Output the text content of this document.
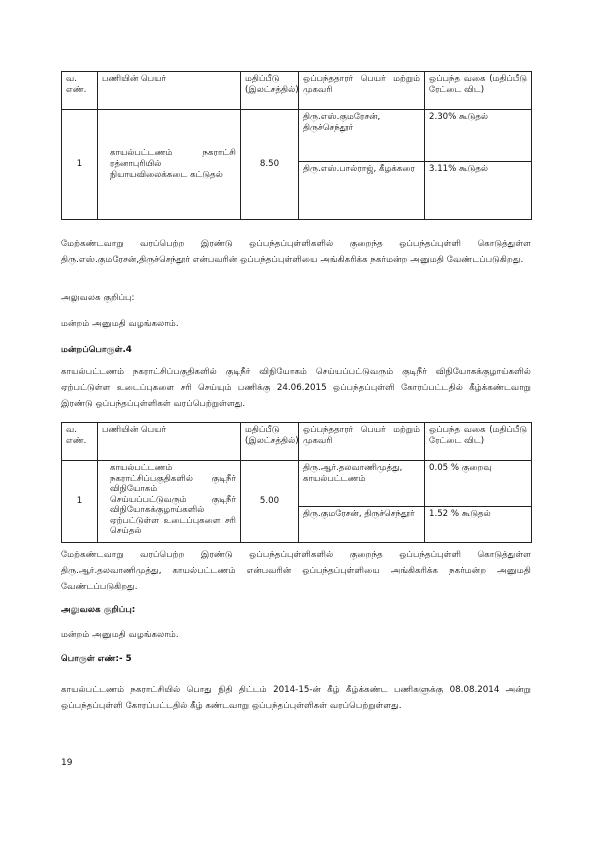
வ. எண்.	பணியின் பெயர்	மதிப்பீடு (இலட்சத்தில்)	ஒப்பந்ததாரர் பெயர் மற்றும் முகவரி	ஒப்பந்த வகை (மதிப்பீடு ரேட்டை விட)
1	காயல்பட்டணம் நகராட்சி ரத்னாபுரியில் நியாயவிலைக்கடை கட்டுதல்	8.50	திரு.எஸ்.குமரேசன், திருச்செந்தூர்	2.30% கூடுதல்
			திரு.எஸ்.பால்ராஜ், கீழக்கரை	3.11% கூடுதல்

மேற்கண்டவாறு வரப்பெற்ற இரண்டு ஒப்பந்தப்புள்ளிகளில் குறைந்த ஒப்பந்தப்புள்ளி கொடுத்துள்ள திரு.எஸ்.குமரேசன்,திருச்செந்தூர் என்பவரின் ஒப்பந்தப்புள்ளியை அங்கிகரிக்க நகர்மன்ற அனுமதி வேண்டப்படுகிறது.

அலுவலக குறிப்பு:

மன்றம் அனுமதி வழங்கலாம்.

மன்றப்பொருள்.4

காயல்பட்டணம் நகராட்சிப்பகுதிகளில் குடிநீர் விநியோகம் செய்யப்பட்டுவரும் குடிநீர் விநியோகக்குழாய்களில் ஏற்பட்டுள்ள உடைப்புகளை சரி செய்யும் பணிக்கு 24.06.2015 ஒப்பந்தப்புள்ளி கோரப்பட்டதில் கீழ்க்கண்டவாறு இரண்டு ஒப்பந்தப்புள்ளிகள் வரப்பெற்றுள்ளது.

வ. எண்.	பணியின் பெயர்	மதிப்பீடு (இலட்சத்தில்)	ஒப்பந்ததாரர் பெயர் மற்றும் முகவரி	ஒப்பந்த வகை (மதிப்பீடு ரேட்டை விட)
1	காயல்பட்டணம் நகராட்சிப்பகுதிகளில் குடிநீர் விநியோகம் செய்யப்பட்டுவரும் குடிநீர் விநியோகக்குழாய்களில் ஏற்பட்டுள்ள உடைப்புகளை சரி செய்தல்	5.00	திரு.ஆர்.தலவாணிமுத்து, காயல்பட்டணம்	0.05 % குறைவு
			திரு.குமரேசன், திருச்செந்தூர்	1.52 % கூடுதல்

மேற்கண்டவாறு வரப்பெற்ற இரண்டு ஒப்பந்தப்புள்ளிகளில் குறைந்த ஒப்பந்தப்புள்ளி கொடுத்துள்ள திரு.ஆர்.தலவாணிமுத்து, காயல்பட்டணம் என்பவரின் ஒப்பந்தப்புள்ளியை அங்கிகரிக்க நகர்மன்ற அனுமதி வேண்டப்படுகிறது.

அலுவலக குறிப்பு:

மன்றம் அனுமதி வழங்கலாம்.

பொருள் எண்:- 5

காயல்பட்டணம் நகராட்சியில் பொது நிதி திட்டம் 2014-15-ன் கீழ் கீழ்க்கண்ட பணிகளுக்கு 08.08.2014 அன்று ஒப்பந்தப்புள்ளி கோரப்பட்டதில் கீழ் கண்டவாறு ஒப்பந்தப்புள்ளிகள் வரப்பெற்றுள்ளது.

19
